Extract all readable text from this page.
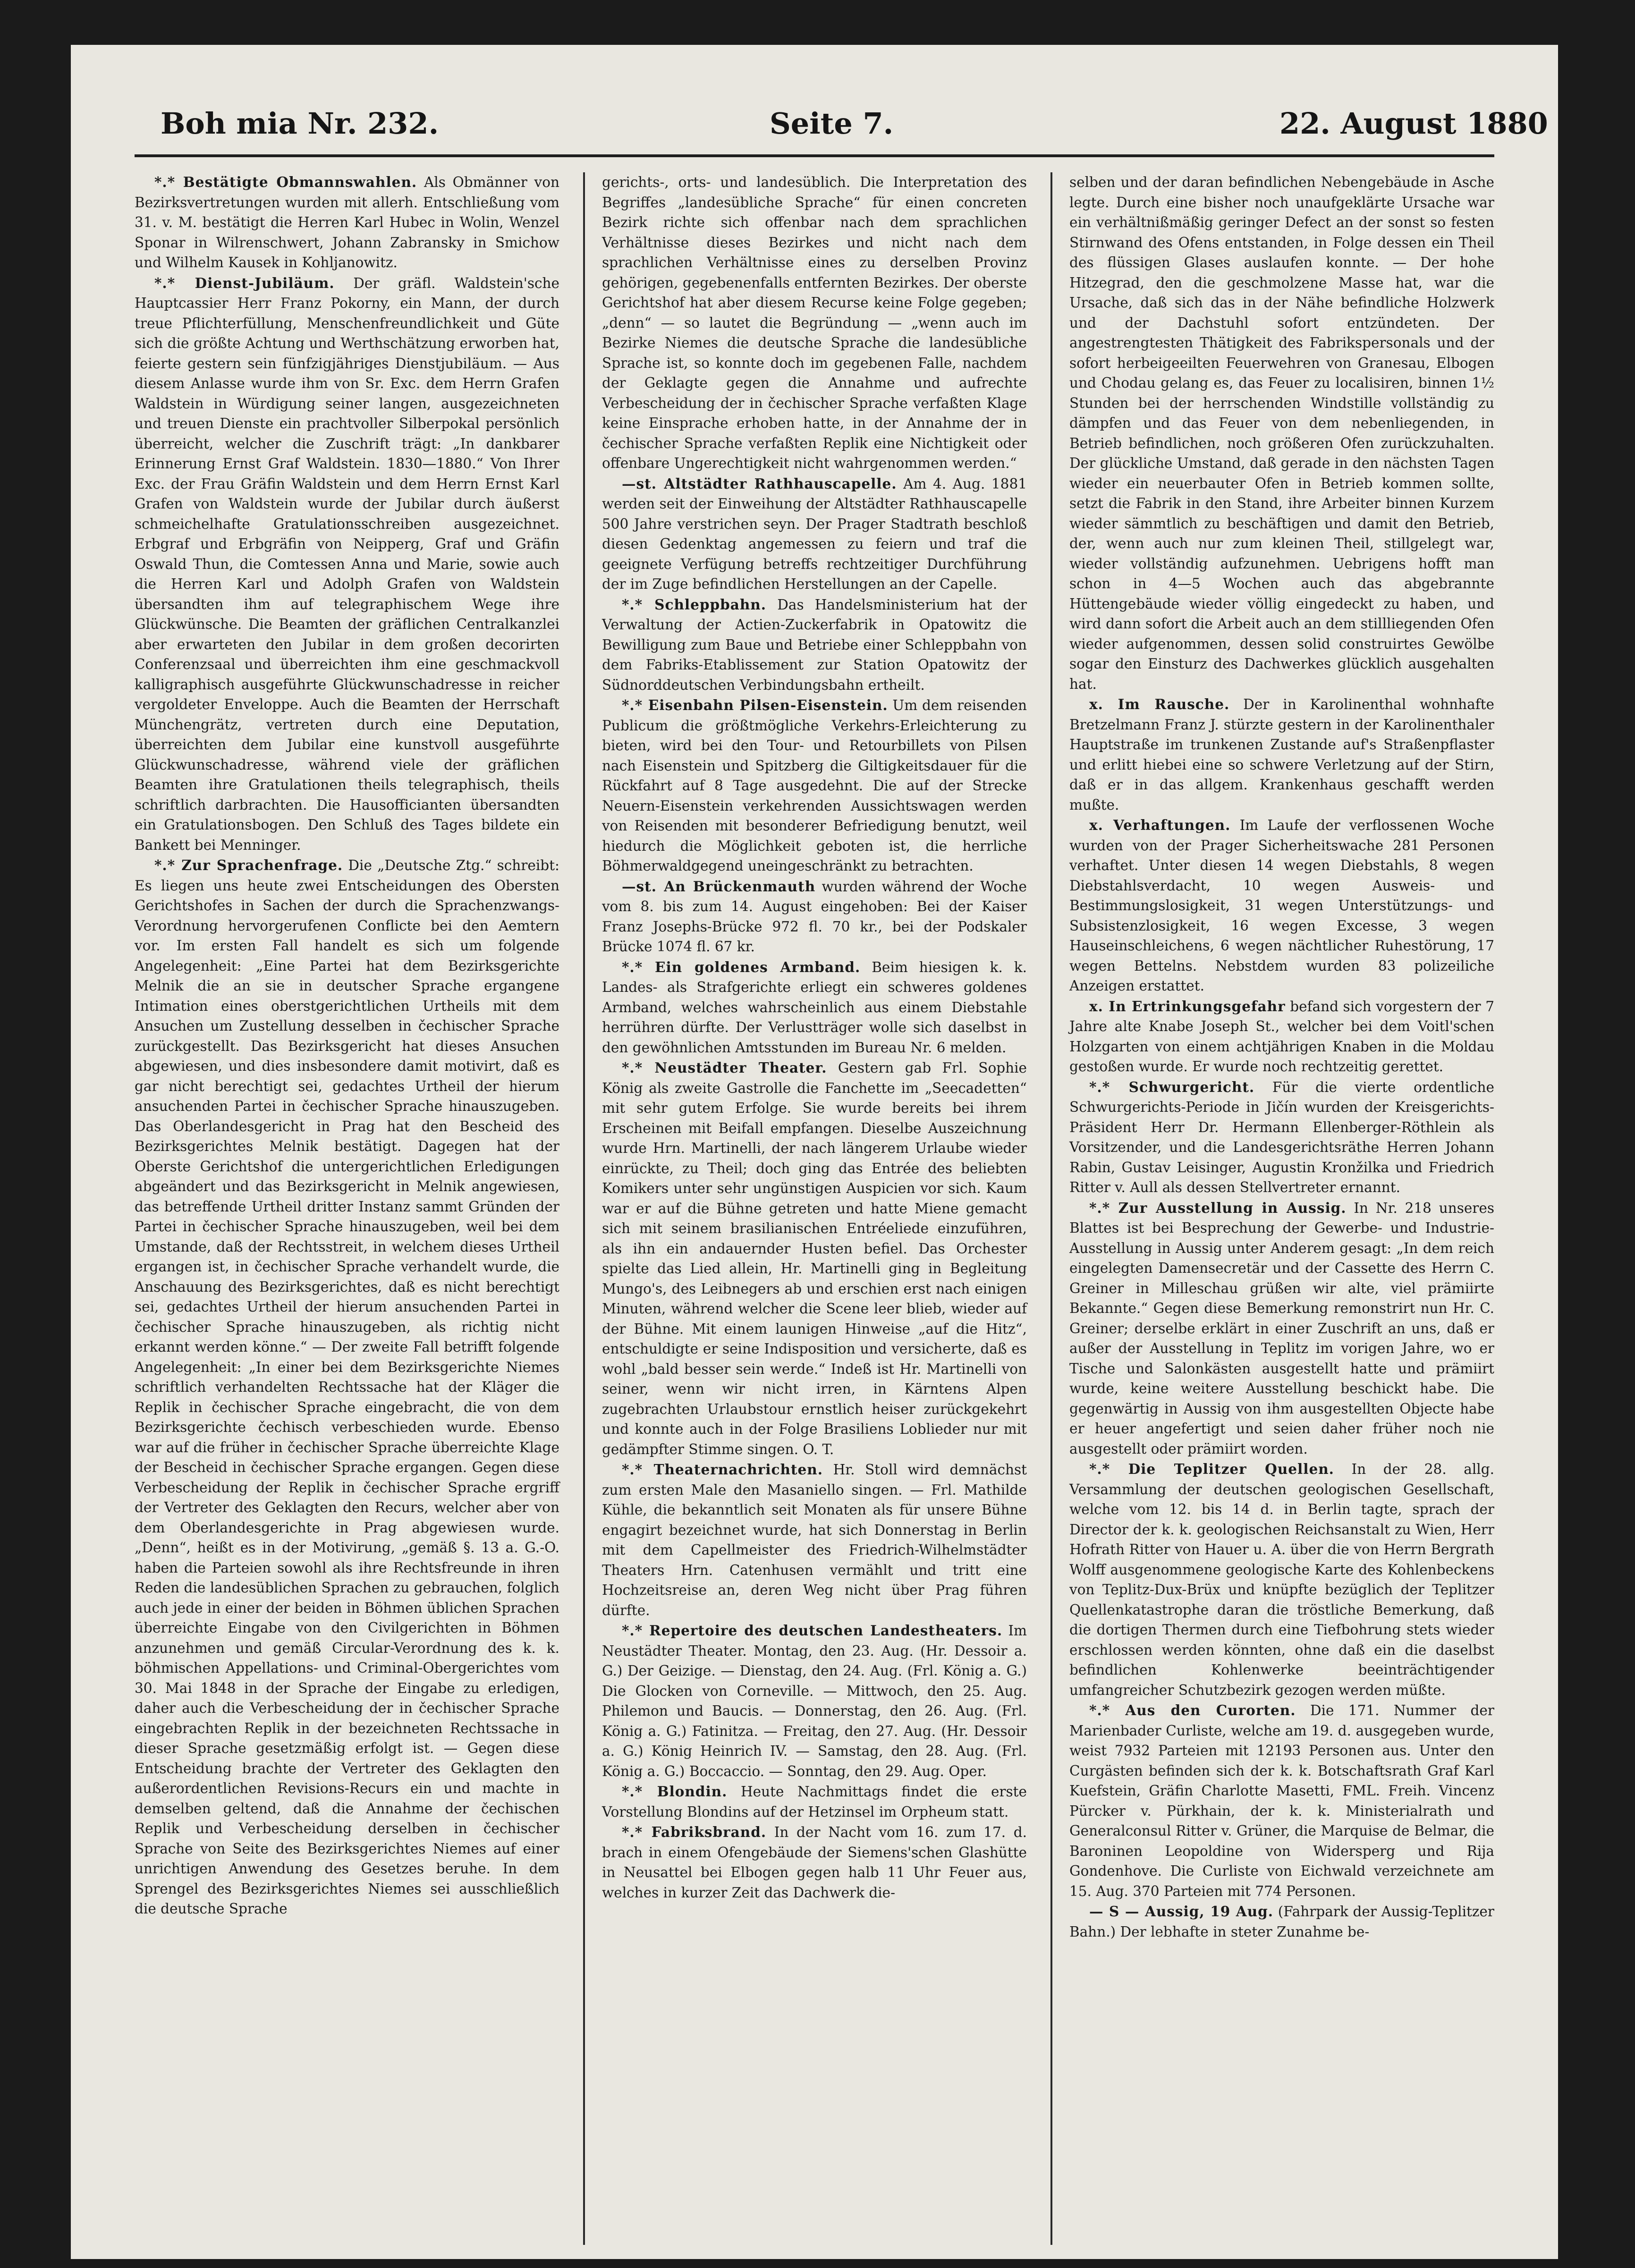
Boh mia Nr. 232.	Seite 7.	22. August 1880

*.* Bestätigte Obmannswahlen. Als Obmänner von Bezirksvertretungen wurden mit allerh. Entschließung vom 31. v. M. bestätigt die Herren Karl Hubec in Wolin, Wenzel Sponar in Wilrenschwert, Johann Zabransky in Smichow und Wilhelm Kausek in Kohljanowitz.

*.* Dienst-Jubiläum. Der gräfl. Waldstein'sche Hauptcassier Herr Franz Pokorny, ein Mann, der durch treue Pflichterfüllung, Menschenfreundlichkeit und Güte sich die größte Achtung und Werthschätzung erworben hat, feierte gestern sein fünfzigjähriges Dienstjubiläum. — Aus diesem Anlasse wurde ihm von Sr. Exc. dem Herrn Grafen Waldstein in Würdigung seiner langen, ausgezeichneten und treuen Dienste ein prachtvoller Silberpokal persönlich überreicht, welcher die Zuschrift trägt: „In dankbarer Erinnerung Ernst Graf Waldstein. 1830—1880.“ Von Ihrer Exc. der Frau Gräfin Waldstein und dem Herrn Ernst Karl Grafen von Waldstein wurde der Jubilar durch äußerst schmeichelhafte Gratulationsschreiben ausgezeichnet. Erbgraf und Erbgräfin von Neipperg, Graf und Gräfin Oswald Thun, die Comtessen Anna und Marie, sowie auch die Herren Karl und Adolph Grafen von Waldstein übersandten ihm auf telegraphischem Wege ihre Glückwünsche. Die Beamten der gräflichen Centralkanzlei aber erwarteten den Jubilar in dem großen decorirten Conferenzsaal und überreichten ihm eine geschmackvoll kalligraphisch ausgeführte Glückwunschadresse in reicher vergoldeter Enveloppe. Auch die Beamten der Herrschaft Münchengrätz, vertreten durch eine Deputation, überreichten dem Jubilar eine kunstvoll ausgeführte Glückwunschadresse, während viele der gräflichen Beamten ihre Gratulationen theils telegraphisch, theils schriftlich darbrachten. Die Hausofficianten übersandten ein Gratulationsbogen. Den Schluß des Tages bildete ein Bankett bei Menninger.

*.* Zur Sprachenfrage. Die „Deutsche Ztg.“ schreibt: Es liegen uns heute zwei Entscheidungen des Obersten Gerichtshofes in Sachen der durch die Sprachenzwangs-Verordnung hervorgerufenen Conflicte bei den Aemtern vor. Im ersten Fall handelt es sich um folgende Angelegenheit: „Eine Partei hat dem Bezirksgerichte Melnik die an sie in deutscher Sprache ergangene Intimation eines oberstgerichtlichen Urtheils mit dem Ansuchen um Zustellung desselben in čechischer Sprache zurückgestellt. Das Bezirksgericht hat dieses Ansuchen abgewiesen, und dies insbesondere damit motivirt, daß es gar nicht berechtigt sei, gedachtes Urtheil der hierum ansuchenden Partei in čechischer Sprache hinauszugeben. Das Oberlandesgericht in Prag hat den Bescheid des Bezirksgerichtes Melnik bestätigt. Dagegen hat der Oberste Gerichtshof die untergerichtlichen Erledigungen abgeändert und das Bezirksgericht in Melnik angewiesen, das betreffende Urtheil dritter Instanz sammt Gründen der Partei in čechischer Sprache hinauszugeben, weil bei dem Umstande, daß der Rechtsstreit, in welchem dieses Urtheil ergangen ist, in čechischer Sprache verhandelt wurde, die Anschauung des Bezirksgerichtes, daß es nicht berechtigt sei, gedachtes Urtheil der hierum ansuchenden Partei in čechischer Sprache hinauszugeben, als richtig nicht erkannt werden könne.“ — Der zweite Fall betrifft folgende Angelegenheit: „In einer bei dem Bezirksgerichte Niemes schriftlich verhandelten Rechtssache hat der Kläger die Replik in čechischer Sprache eingebracht, die von dem Bezirksgerichte čechisch verbeschieden wurde. Ebenso war auf die früher in čechischer Sprache überreichte Klage der Bescheid in čechischer Sprache ergangen. Gegen diese Verbescheidung der Replik in čechischer Sprache ergriff der Vertreter des Geklagten den Recurs, welcher aber von dem Oberlandesgerichte in Prag abgewiesen wurde. „Denn“, heißt es in der Motivirung, „gemäß §. 13 a. G.-O. haben die Parteien sowohl als ihre Rechtsfreunde in ihren Reden die landesüblichen Sprachen zu gebrauchen, folglich auch jede in einer der beiden in Böhmen üblichen Sprachen überreichte Eingabe von den Civilgerichten in Böhmen anzunehmen und gemäß Circular-Verordnung des k. k. böhmischen Appellations- und Criminal-Obergerichtes vom 30. Mai 1848 in der Sprache der Eingabe zu erledigen, daher auch die Verbescheidung der in čechischer Sprache eingebrachten Replik in der bezeichneten Rechtssache in dieser Sprache gesetzmäßig erfolgt ist. — Gegen diese Entscheidung brachte der Vertreter des Geklagten den außerordentlichen Revisions-Recurs ein und machte in demselben geltend, daß die Annahme der čechischen Replik und Verbescheidung derselben in čechischer Sprache von Seite des Bezirksgerichtes Niemes auf einer unrichtigen Anwendung des Gesetzes beruhe. In dem Sprengel des Bezirksgerichtes Niemes sei ausschließlich die deutsche Sprache

gerichts-, orts- und landesüblich. Die Interpretation des Begriffes „landesübliche Sprache“ für einen concreten Bezirk richte sich offenbar nach dem sprachlichen Verhältnisse dieses Bezirkes und nicht nach dem sprachlichen Verhältnisse eines zu derselben Provinz gehörigen, gegebenenfalls entfernten Bezirkes. Der oberste Gerichtshof hat aber diesem Recurse keine Folge gegeben; „denn“ — so lautet die Begründung — „wenn auch im Bezirke Niemes die deutsche Sprache die landesübliche Sprache ist, so konnte doch im gegebenen Falle, nachdem der Geklagte gegen die Annahme und aufrechte Verbescheidung der in čechischer Sprache verfaßten Klage keine Einsprache erhoben hatte, in der Annahme der in čechischer Sprache verfaßten Replik eine Nichtigkeit oder offenbare Ungerechtigkeit nicht wahrgenommen werden.“

—st. Altstädter Rathhauscapelle. Am 4. Aug. 1881 werden seit der Einweihung der Altstädter Rathhauscapelle 500 Jahre verstrichen seyn. Der Prager Stadtrath beschloß diesen Gedenktag angemessen zu feiern und traf die geeignete Verfügung betreffs rechtzeitiger Durchführung der im Zuge befindlichen Herstellungen an der Capelle.

*.* Schleppbahn. Das Handelsministerium hat der Verwaltung der Actien-Zuckerfabrik in Opatowitz die Bewilligung zum Baue und Betriebe einer Schleppbahn von dem Fabriks-Etablissement zur Station Opatowitz der Südnorddeutschen Verbindungsbahn ertheilt.

*.* Eisenbahn Pilsen-Eisenstein. Um dem reisenden Publicum die größtmögliche Verkehrs-Erleichterung zu bieten, wird bei den Tour- und Retourbillets von Pilsen nach Eisenstein und Spitzberg die Giltigkeitsdauer für die Rückfahrt auf 8 Tage ausgedehnt. Die auf der Strecke Neuern-Eisenstein verkehrenden Aussichtswagen werden von Reisenden mit besonderer Befriedigung benutzt, weil hiedurch die Möglichkeit geboten ist, die herrliche Böhmerwaldgegend uneingeschränkt zu betrachten.

—st. An Brückenmauth wurden während der Woche vom 8. bis zum 14. August eingehoben: Bei der Kaiser Franz Josephs-Brücke 972 fl. 70 kr., bei der Podskaler Brücke 1074 fl. 67 kr.

*.* Ein goldenes Armband. Beim hiesigen k. k. Landes- als Strafgerichte erliegt ein schweres goldenes Armband, welches wahrscheinlich aus einem Diebstahle herrühren dürfte. Der Verlustträger wolle sich daselbst in den gewöhnlichen Amtsstunden im Bureau Nr. 6 melden.

*.* Neustädter Theater. Gestern gab Frl. Sophie König als zweite Gastrolle die Fanchette im „Seecadetten“ mit sehr gutem Erfolge. Sie wurde bereits bei ihrem Erscheinen mit Beifall empfangen. Dieselbe Auszeichnung wurde Hrn. Martinelli, der nach längerem Urlaube wieder einrückte, zu Theil; doch ging das Entrée des beliebten Komikers unter sehr ungünstigen Auspicien vor sich. Kaum war er auf die Bühne getreten und hatte Miene gemacht sich mit seinem brasilianischen Entréeliede einzuführen, als ihn ein andauernder Husten befiel. Das Orchester spielte das Lied allein, Hr. Martinelli ging in Begleitung Mungo's, des Leibnegers ab und erschien erst nach einigen Minuten, während welcher die Scene leer blieb, wieder auf der Bühne. Mit einem launigen Hinweise „auf die Hitz“, entschuldigte er seine Indisposition und versicherte, daß es wohl „bald besser sein werde.“ Indeß ist Hr. Martinelli von seiner, wenn wir nicht irren, in Kärntens Alpen zugebrachten Urlaubstour ernstlich heiser zurückgekehrt und konnte auch in der Folge Brasiliens Loblieder nur mit gedämpfter Stimme singen. O. T.

*.* Theaternachrichten. Hr. Stoll wird demnächst zum ersten Male den Masaniello singen. — Frl. Mathilde Kühle, die bekanntlich seit Monaten als für unsere Bühne engagirt bezeichnet wurde, hat sich Donnerstag in Berlin mit dem Capellmeister des Friedrich-Wilhelmstädter Theaters Hrn. Catenhusen vermählt und tritt eine Hochzeitsreise an, deren Weg nicht über Prag führen dürfte.

*.* Repertoire des deutschen Landestheaters. Im Neustädter Theater. Montag, den 23. Aug. (Hr. Dessoir a. G.) Der Geizige. — Dienstag, den 24. Aug. (Frl. König a. G.) Die Glocken von Corneville. — Mittwoch, den 25. Aug. Philemon und Baucis. — Donnerstag, den 26. Aug. (Frl. König a. G.) Fatinitza. — Freitag, den 27. Aug. (Hr. Dessoir a. G.) König Heinrich IV. — Samstag, den 28. Aug. (Frl. König a. G.) Boccaccio. — Sonntag, den 29. Aug. Oper.

*.* Blondin. Heute Nachmittags findet die erste Vorstellung Blondins auf der Hetzinsel im Orpheum statt.

*.* Fabriksbrand. In der Nacht vom 16. zum 17. d. brach in einem Ofengebäude der Siemens'schen Glashütte in Neusattel bei Elbogen gegen halb 11 Uhr Feuer aus, welches in kurzer Zeit das Dachwerk die-

selben und der daran befindlichen Nebengebäude in Asche legte. Durch eine bisher noch unaufgeklärte Ursache war ein verhältnißmäßig geringer Defect an der sonst so festen Stirnwand des Ofens entstanden, in Folge dessen ein Theil des flüssigen Glases auslaufen konnte. — Der hohe Hitzegrad, den die geschmolzene Masse hat, war die Ursache, daß sich das in der Nähe befindliche Holzwerk und der Dachstuhl sofort entzündeten. Der angestrengtesten Thätigkeit des Fabrikspersonals und der sofort herbeigeeilten Feuerwehren von Granesau, Elbogen und Chodau gelang es, das Feuer zu localisiren, binnen 1½ Stunden bei der herrschenden Windstille vollständig zu dämpfen und das Feuer von dem nebenliegenden, in Betrieb befindlichen, noch größeren Ofen zurückzuhalten. Der glückliche Umstand, daß gerade in den nächsten Tagen wieder ein neuerbauter Ofen in Betrieb kommen sollte, setzt die Fabrik in den Stand, ihre Arbeiter binnen Kurzem wieder sämmtlich zu beschäftigen und damit den Betrieb, der, wenn auch nur zum kleinen Theil, stillgelegt war, wieder vollständig aufzunehmen. Uebrigens hofft man schon in 4—5 Wochen auch das abgebrannte Hüttengebäude wieder völlig eingedeckt zu haben, und wird dann sofort die Arbeit auch an dem stillliegenden Ofen wieder aufgenommen, dessen solid construirtes Gewölbe sogar den Einsturz des Dachwerkes glücklich ausgehalten hat.

x. Im Rausche. Der in Karolinenthal wohnhafte Bretzelmann Franz J. stürzte gestern in der Karolinenthaler Hauptstraße im trunkenen Zustande auf's Straßenpflaster und erlitt hiebei eine so schwere Verletzung auf der Stirn, daß er in das allgem. Krankenhaus geschafft werden mußte.

x. Verhaftungen. Im Laufe der verflossenen Woche wurden von der Prager Sicherheitswache 281 Personen verhaftet. Unter diesen 14 wegen Diebstahls, 8 wegen Diebstahlsverdacht, 10 wegen Ausweis- und Bestimmungslosigkeit, 31 wegen Unterstützungs- und Subsistenzlosigkeit, 16 wegen Excesse, 3 wegen Hauseinschleichens, 6 wegen nächtlicher Ruhestörung, 17 wegen Bettelns. Nebstdem wurden 83 polizeiliche Anzeigen erstattet.

x. In Ertrinkungsgefahr befand sich vorgestern der 7 Jahre alte Knabe Joseph St., welcher bei dem Voitl'schen Holzgarten von einem achtjährigen Knaben in die Moldau gestoßen wurde. Er wurde noch rechtzeitig gerettet.

*.* Schwurgericht. Für die vierte ordentliche Schwurgerichts-Periode in Jičín wurden der Kreisgerichts-Präsident Herr Dr. Hermann Ellenberger-Röthlein als Vorsitzender, und die Landesgerichtsräthe Herren Johann Rabin, Gustav Leisinger, Augustin Kronžilka und Friedrich Ritter v. Aull als dessen Stellvertreter ernannt.

*.* Zur Ausstellung in Aussig. In Nr. 218 unseres Blattes ist bei Besprechung der Gewerbe- und Industrie-Ausstellung in Aussig unter Anderem gesagt: „In dem reich eingelegten Damensecretär und der Cassette des Herrn C. Greiner in Milleschau grüßen wir alte, viel prämiirte Bekannte.“ Gegen diese Bemerkung remonstrirt nun Hr. C. Greiner; derselbe erklärt in einer Zuschrift an uns, daß er außer der Ausstellung in Teplitz im vorigen Jahre, wo er Tische und Salonkästen ausgestellt hatte und prämiirt wurde, keine weitere Ausstellung beschickt habe. Die gegenwärtig in Aussig von ihm ausgestellten Objecte habe er heuer angefertigt und seien daher früher noch nie ausgestellt oder prämiirt worden.

*.* Die Teplitzer Quellen. In der 28. allg. Versammlung der deutschen geologischen Gesellschaft, welche vom 12. bis 14 d. in Berlin tagte, sprach der Director der k. k. geologischen Reichsanstalt zu Wien, Herr Hofrath Ritter von Hauer u. A. über die von Herrn Bergrath Wolff ausgenommene geologische Karte des Kohlenbeckens von Teplitz-Dux-Brüx und knüpfte bezüglich der Teplitzer Quellenkatastrophe daran die tröstliche Bemerkung, daß die dortigen Thermen durch eine Tiefbohrung stets wieder erschlossen werden könnten, ohne daß ein die daselbst befindlichen Kohlenwerke beeinträchtigender umfangreicher Schutzbezirk gezogen werden müßte.

*.* Aus den Curorten. Die 171. Nummer der Marienbader Curliste, welche am 19. d. ausgegeben wurde, weist 7932 Parteien mit 12193 Personen aus. Unter den Curgästen befinden sich der k. k. Botschaftsrath Graf Karl Kuefstein, Gräfin Charlotte Masetti, FML. Freih. Vincenz Pürcker v. Pürkhain, der k. k. Ministerialrath und Generalconsul Ritter v. Grüner, die Marquise de Belmar, die Baroninen Leopoldine von Widersperg und Rija Gondenhove. Die Curliste von Eichwald verzeichnete am 15. Aug. 370 Parteien mit 774 Personen.

— S — Aussig, 19 Aug. (Fahrpark der Aussig-Teplitzer Bahn.) Der lebhafte in steter Zunahme be-
